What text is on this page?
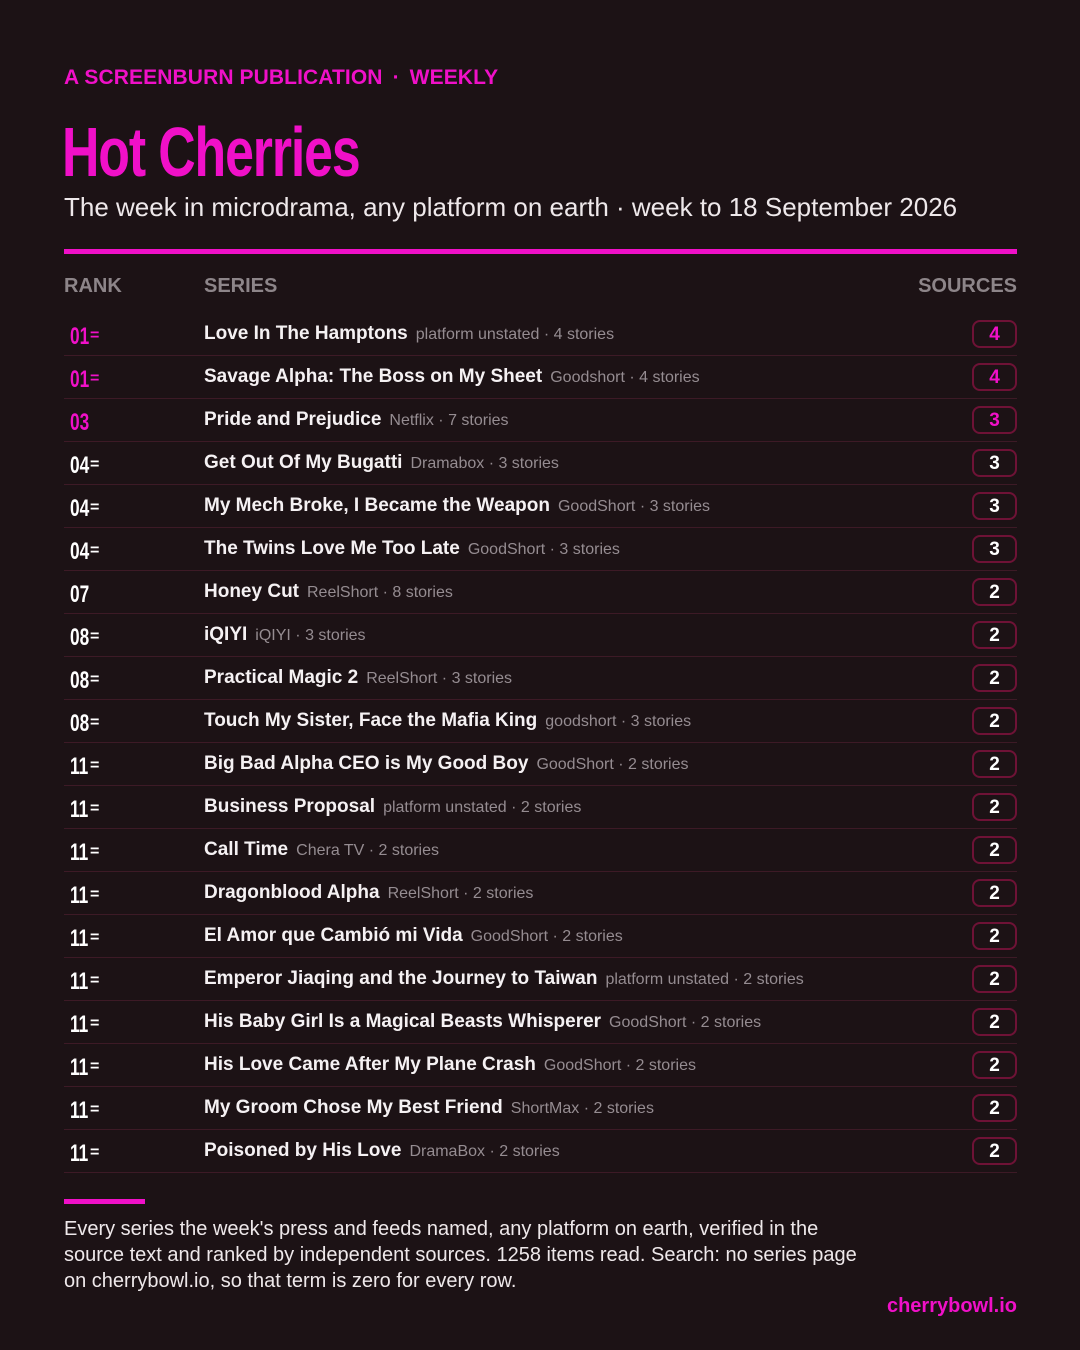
A SCREENBURN PUBLICATION · WEEKLY
Hot Cherries
The week in microdrama, any platform on earth · week to 18 September 2026
RANK	SERIES	SOURCES
01=	Love In The Hamptons platform unstated · 4 stories	4
01=	Savage Alpha: The Boss on My Sheet Goodshort · 4 stories	4
03	Pride and Prejudice Netflix · 7 stories	3
04=	Get Out Of My Bugatti Dramabox · 3 stories	3
04=	My Mech Broke, I Became the Weapon GoodShort · 3 stories	3
04=	The Twins Love Me Too Late GoodShort · 3 stories	3
07	Honey Cut ReelShort · 8 stories	2
08=	iQIYI iQIYI · 3 stories	2
08=	Practical Magic 2 ReelShort · 3 stories	2
08=	Touch My Sister, Face the Mafia King goodshort · 3 stories	2
11 =	Big Bad Alpha CEO is My Good Boy GoodShort · 2 stories	2
11 =	Business Proposal platform unstated · 2 stories	2
11 =	Call Time Chera TV · 2 stories	2
11 =	Dragonblood Alpha ReelShort · 2 stories	2
11 =	El Amor que Cambió mi Vida GoodShort · 2 stories	2
11 =	Emperor Jiaqing and the Journey to Taiwan platform unstated · 2 stories	2
11 =	His Baby Girl Is a Magical Beasts Whisperer GoodShort · 2 stories	2
11 =	His Love Came After My Plane Crash GoodShort · 2 stories	2
11 =	My Groom Chose My Best Friend ShortMax · 2 stories	2
11 =	Poisoned by His Love DramaBox · 2 stories	2
Every series the week's press and feeds named, any platform on earth, verified in the source text and ranked by independent sources. 1258 items read. Search: no series page on cherrybowl.io, so that term is zero for every row.
cherrybowl.io
